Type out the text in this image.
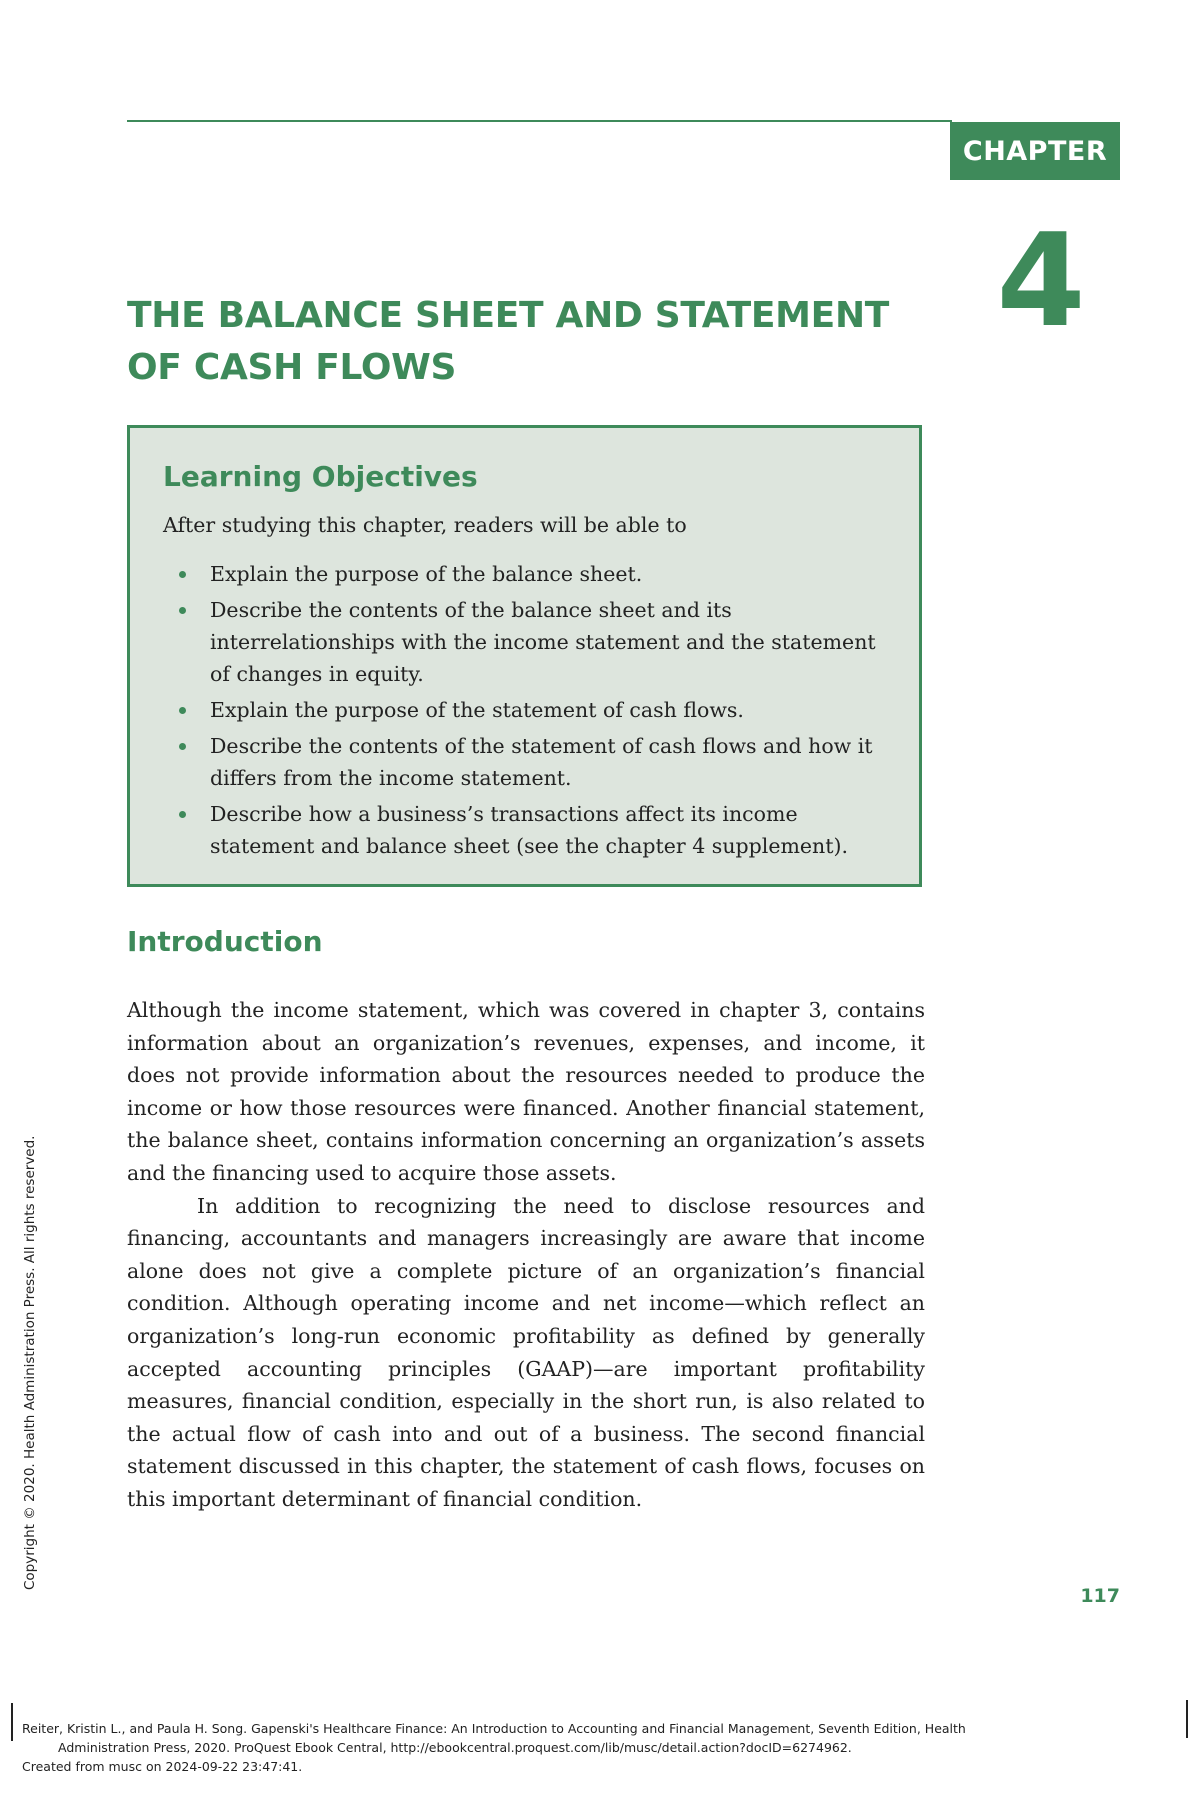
CHAPTER
4
THE BALANCE SHEET AND STATEMENT OF CASH FLOWS
Learning Objectives

After studying this chapter, readers will be able to

Explain the purpose of the balance sheet.
Describe the contents of the balance sheet and its interrelationships with the income statement and the statement of changes in equity.
Explain the purpose of the statement of cash flows.
Describe the contents of the statement of cash flows and how it differs from the income statement.
Describe how a business’s transactions affect its income statement and balance sheet (see the chapter 4 supplement).
Introduction

Although the income statement, which was covered in chapter 3, contains information about an organization’s revenues, expenses, and income, it does not provide information about the resources needed to produce the income or how those resources were financed. Another financial statement, the balance sheet, contains information concerning an organization’s assets and the financing used to acquire those assets.

In addition to recognizing the need to disclose resources and financing, accountants and managers increasingly are aware that income alone does not give a complete picture of an organization’s financial condition. Although operating income and net income—which reflect an organization’s long-run economic profitability as defined by generally accepted accounting principles (GAAP)—are important profitability measures, financial condition, especially in the short run, is also related to the actual flow of cash into and out of a business. The second financial statement discussed in this chapter, the statement of cash flows, focuses on this important determinant of financial condition.

117
Copyright © 2020. Health Administration Press. All rights reserved.
Reiter, Kristin L., and Paula H. Song. Gapenski's Healthcare Finance: An Introduction to Accounting and Financial Management, Seventh Edition, Health
Administration Press, 2020. ProQuest Ebook Central, http://ebookcentral.proquest.com/lib/musc/detail.action?docID=6274962.
Created from musc on 2024-09-22 23:47:41.
